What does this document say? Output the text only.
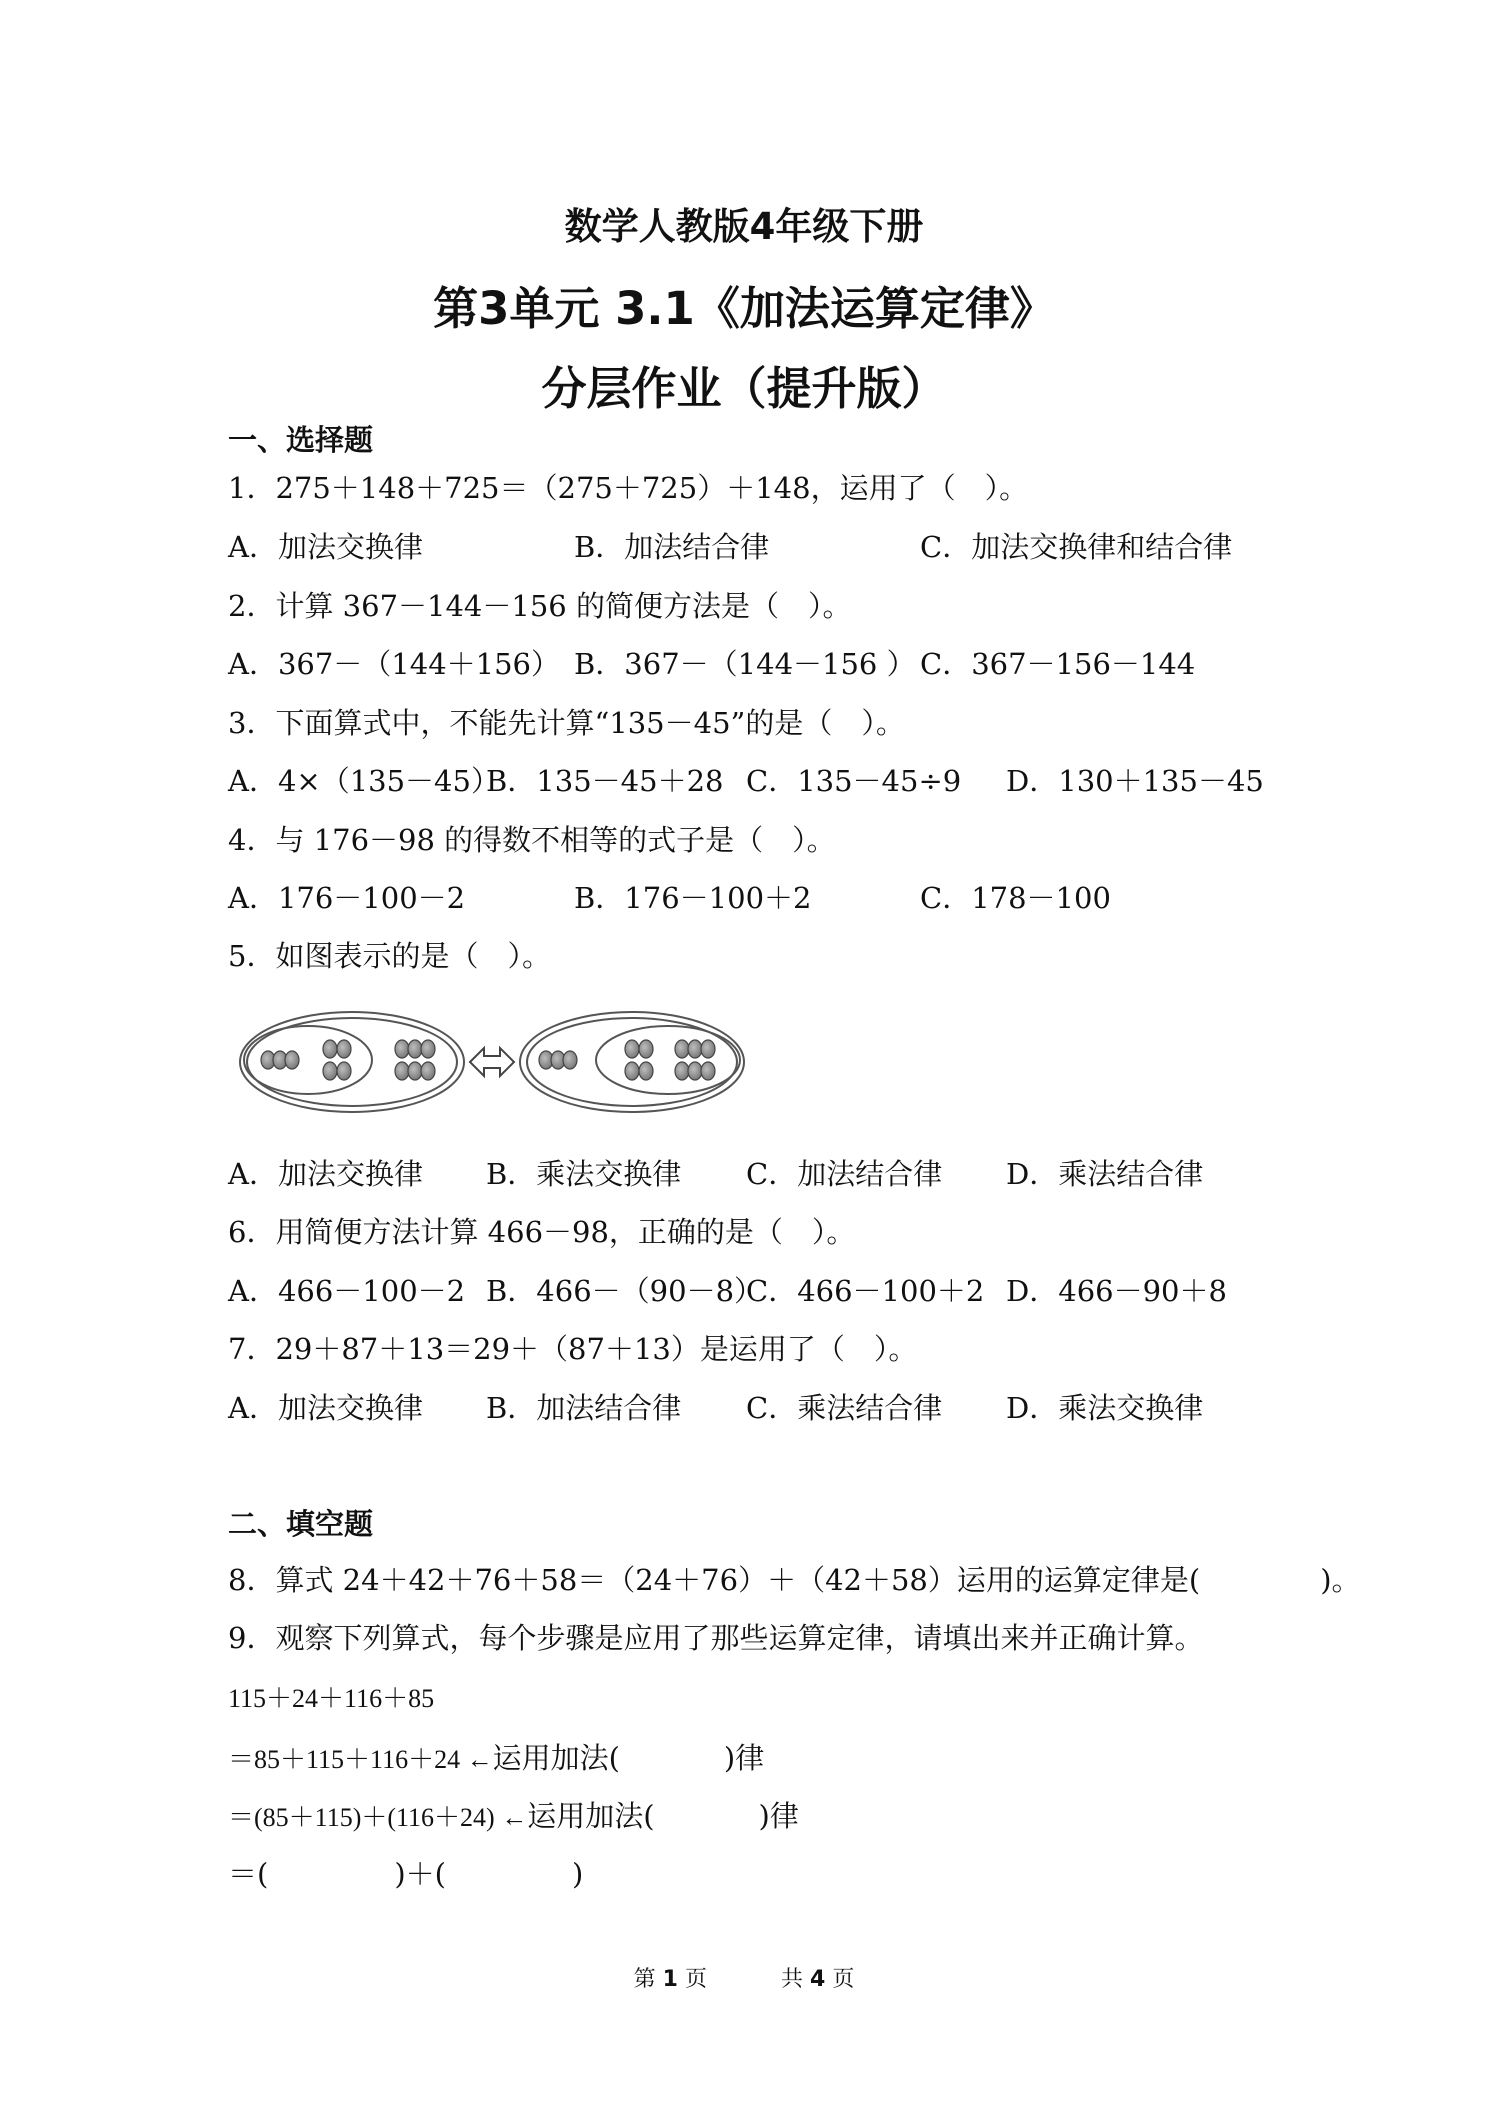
数学人教版4年级下册
第3单元 3.1《加法运算定律》
分层作业（提升版）
一、选择题
1．275＋148＋725＝（275＋725）＋148，运用了（　）。
A．加法交换律	B．加法结合律	C．加法交换律和结合律
2．计算 367－144－156 的简便方法是（　）。
A．367－（144＋156） B．367－（144－156 ） C．367－156－144
3．下面算式中，不能先计算“135－45”的是（　）。
A．4×（135－45）
B．135－45＋28 C．135－45÷9 D．130＋135－45
4．与 176－98 的得数不相等的式子是（　）。
A．176－100－2	B．176－100＋2	C．178－100
5．如图表示的是（　）。
A．加法交换律 B．乘法交换律 C．加法结合律 D．乘法结合律
6．用简便方法计算 466－98，正确的是（　）。
A．466－100－2 B．466－（90－8）
C．466－100＋2 D．466－90＋8
7．29＋87＋13＝29＋（87＋13）是运用了（　）。
A．加法交换律 B．加法结合律 C．乘法结合律 D．乘法交换律
二、填空题
8．算式 24＋42＋76＋58＝（24＋76）＋（42＋58）运用的运算定律是(	)。
9．观察下列算式，每个步骤是应用了那些运算定律，请填出来并正确计算。
115＋24＋116＋85
＝85＋115＋116＋24 ←运用加法(	)律
＝(85＋115)＋(116＋24) ←运用加法(	)律
＝(	)＋(	)
第 1 页	共 4 页
